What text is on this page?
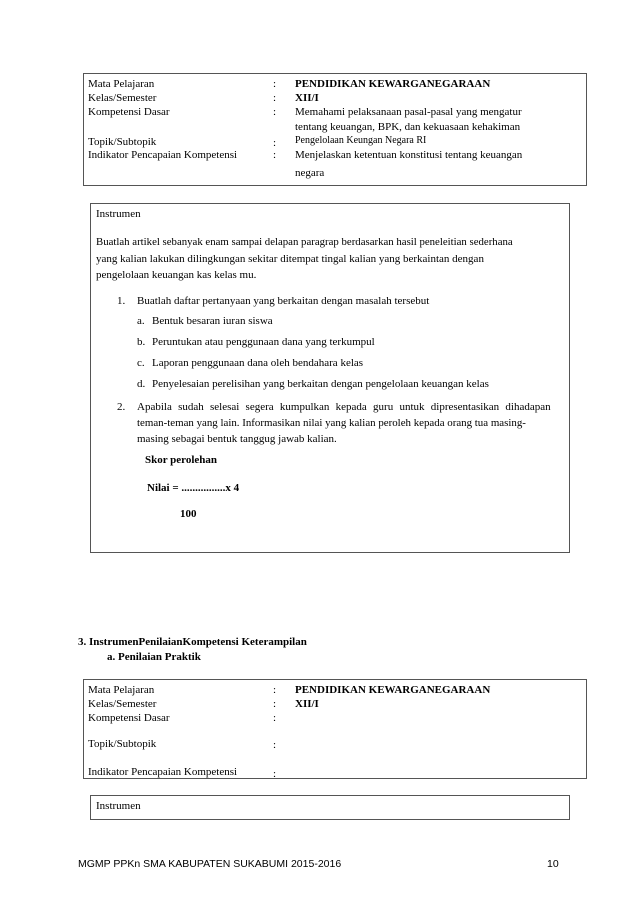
Mata Pelajaran	: PENDIDIKAN KEWARGANEGARAAN
Kelas/Semester	: XII/I
Kompetensi Dasar	: Memahami pelaksanaan pasal-pasal yang mengatur
tentang keuangan, BPK, dan kekuasaan kehakiman
Topik/Subtopik	: Pengelolaan Keungan Negara RI
Indikator Pencapaian Kompetensi	: Menjelaskan ketentuan konstitusi tentang keuangan
negara
Instrumen
Buatlah artikel sebanyak enam sampai delapan paragrap berdasarkan hasil peneleitian sederhana
yang kalian lakukan dilingkungan sekitar ditempat tingal kalian yang berkaintan dengan
pengelolaan keuangan kas kelas mu.
1. Buatlah daftar pertanyaan yang berkaitan dengan masalah tersebut
a. Bentuk besaran iuran siswa
b. Peruntukan atau penggunaan dana yang terkumpul
c. Laporan penggunaan dana oleh bendahara kelas
d. Penyelesaian perelisihan yang berkaitan dengan pengelolaan keuangan kelas
2. Apabila sudah selesai segera kumpulkan kepada guru untuk dipresentasikan dihadapan
teman-teman yang lain. Informasikan nilai yang kalian peroleh kepada orang tua masing-
masing sebagai bentuk tanggug jawab kalian.
Skor perolehan
Nilai = ................x 4
100
3. InstrumenPenilaianKompetensi Keterampilan
a. Penilaian Praktik
Mata Pelajaran	: PENDIDIKAN KEWARGANEGARAAN
Kelas/Semester	: XII/I
Kompetensi Dasar	:
Topik/Subtopik	:
Indikator Pencapaian Kompetensi	:
Instrumen
MGMP PPKn SMA KABUPATEN SUKABUMI 2015-2016	10
